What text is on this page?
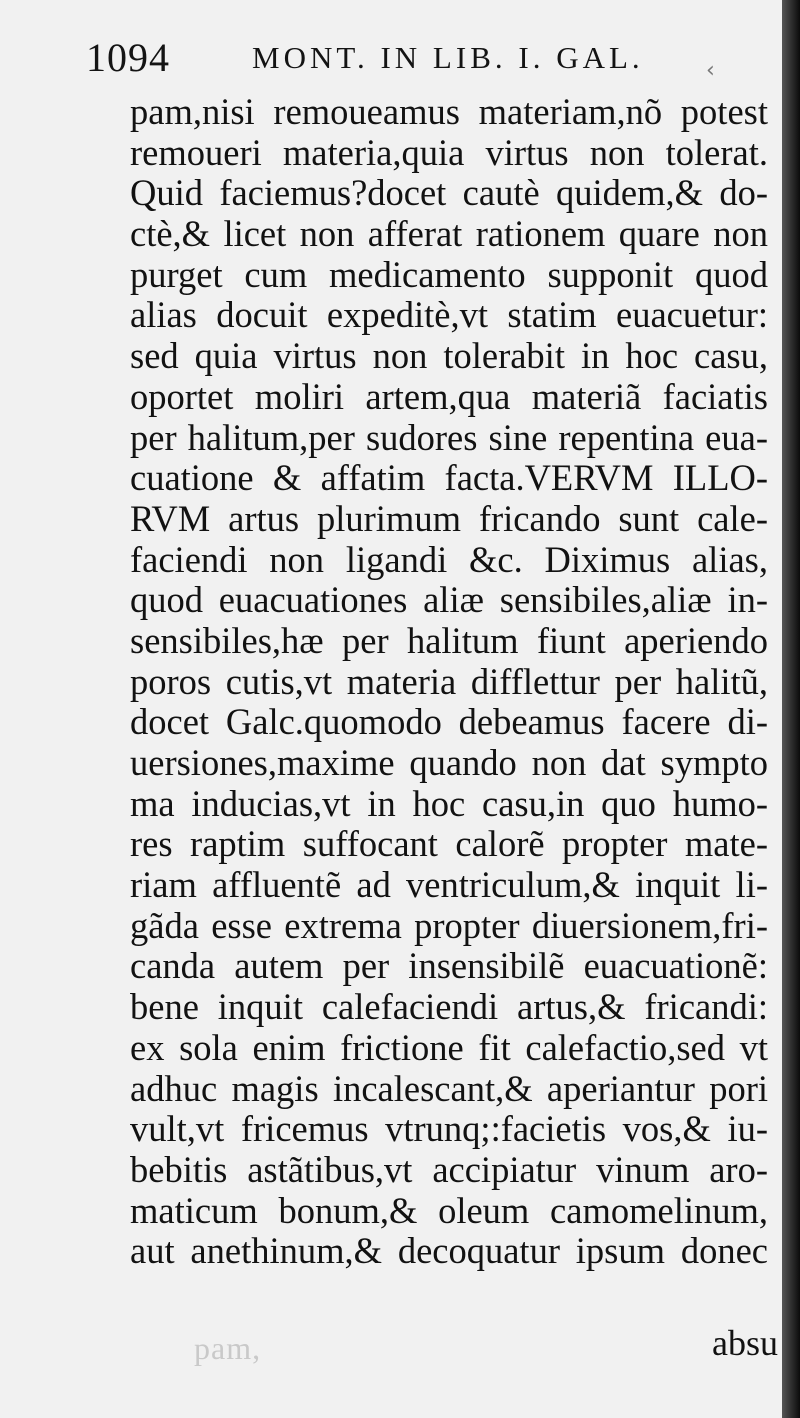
1094	MONT. IN LIB. I. GAL.	‹
pam,nisi remoueamus materiam,nõ potest
remoueri materia,quia virtus non tolerat.
Quid faciemus?docet cautè quidem,& do-
ctè,& licet non afferat rationem quare non
purget cum medicamento supponit quod
alias docuit expeditè,vt statim euacuetur:
sed quia virtus non tolerabit in hoc casu,
oportet moliri artem,qua materiã faciatis
per halitum,per sudores sine repentina eua-
cuatione & affatim facta.VERVM ILLO-
RVM artus plurimum fricando sunt cale-
faciendi non ligandi &c. Diximus alias,
quod euacuationes aliæ sensibiles,aliæ in-
sensibiles,hæ per halitum fiunt aperiendo
poros cutis,vt materia difflettur per halitũ,
docet Galc.quomodo debeamus facere di-
uersiones,maxime quando non dat sympto
ma inducias,vt in hoc casu,in quo humo-
res raptim suffocant calorẽ propter mate-
riam affluentẽ ad ventriculum,& inquit li-
gãda esse extrema propter diuersionem,fri-
canda autem per insensibilẽ euacuationẽ:
bene inquit calefaciendi artus,& fricandi:
ex sola enim frictione fit calefactio,sed vt
adhuc magis incalescant,& aperiantur pori
vult,vt fricemus vtrunq;:facietis vos,& iu-
bebitis astãtibus,vt accipiatur vinum aro-
maticum bonum,& oleum camomelinum,
aut anethinum,& decoquatur ipsum donec
pam,	absu
